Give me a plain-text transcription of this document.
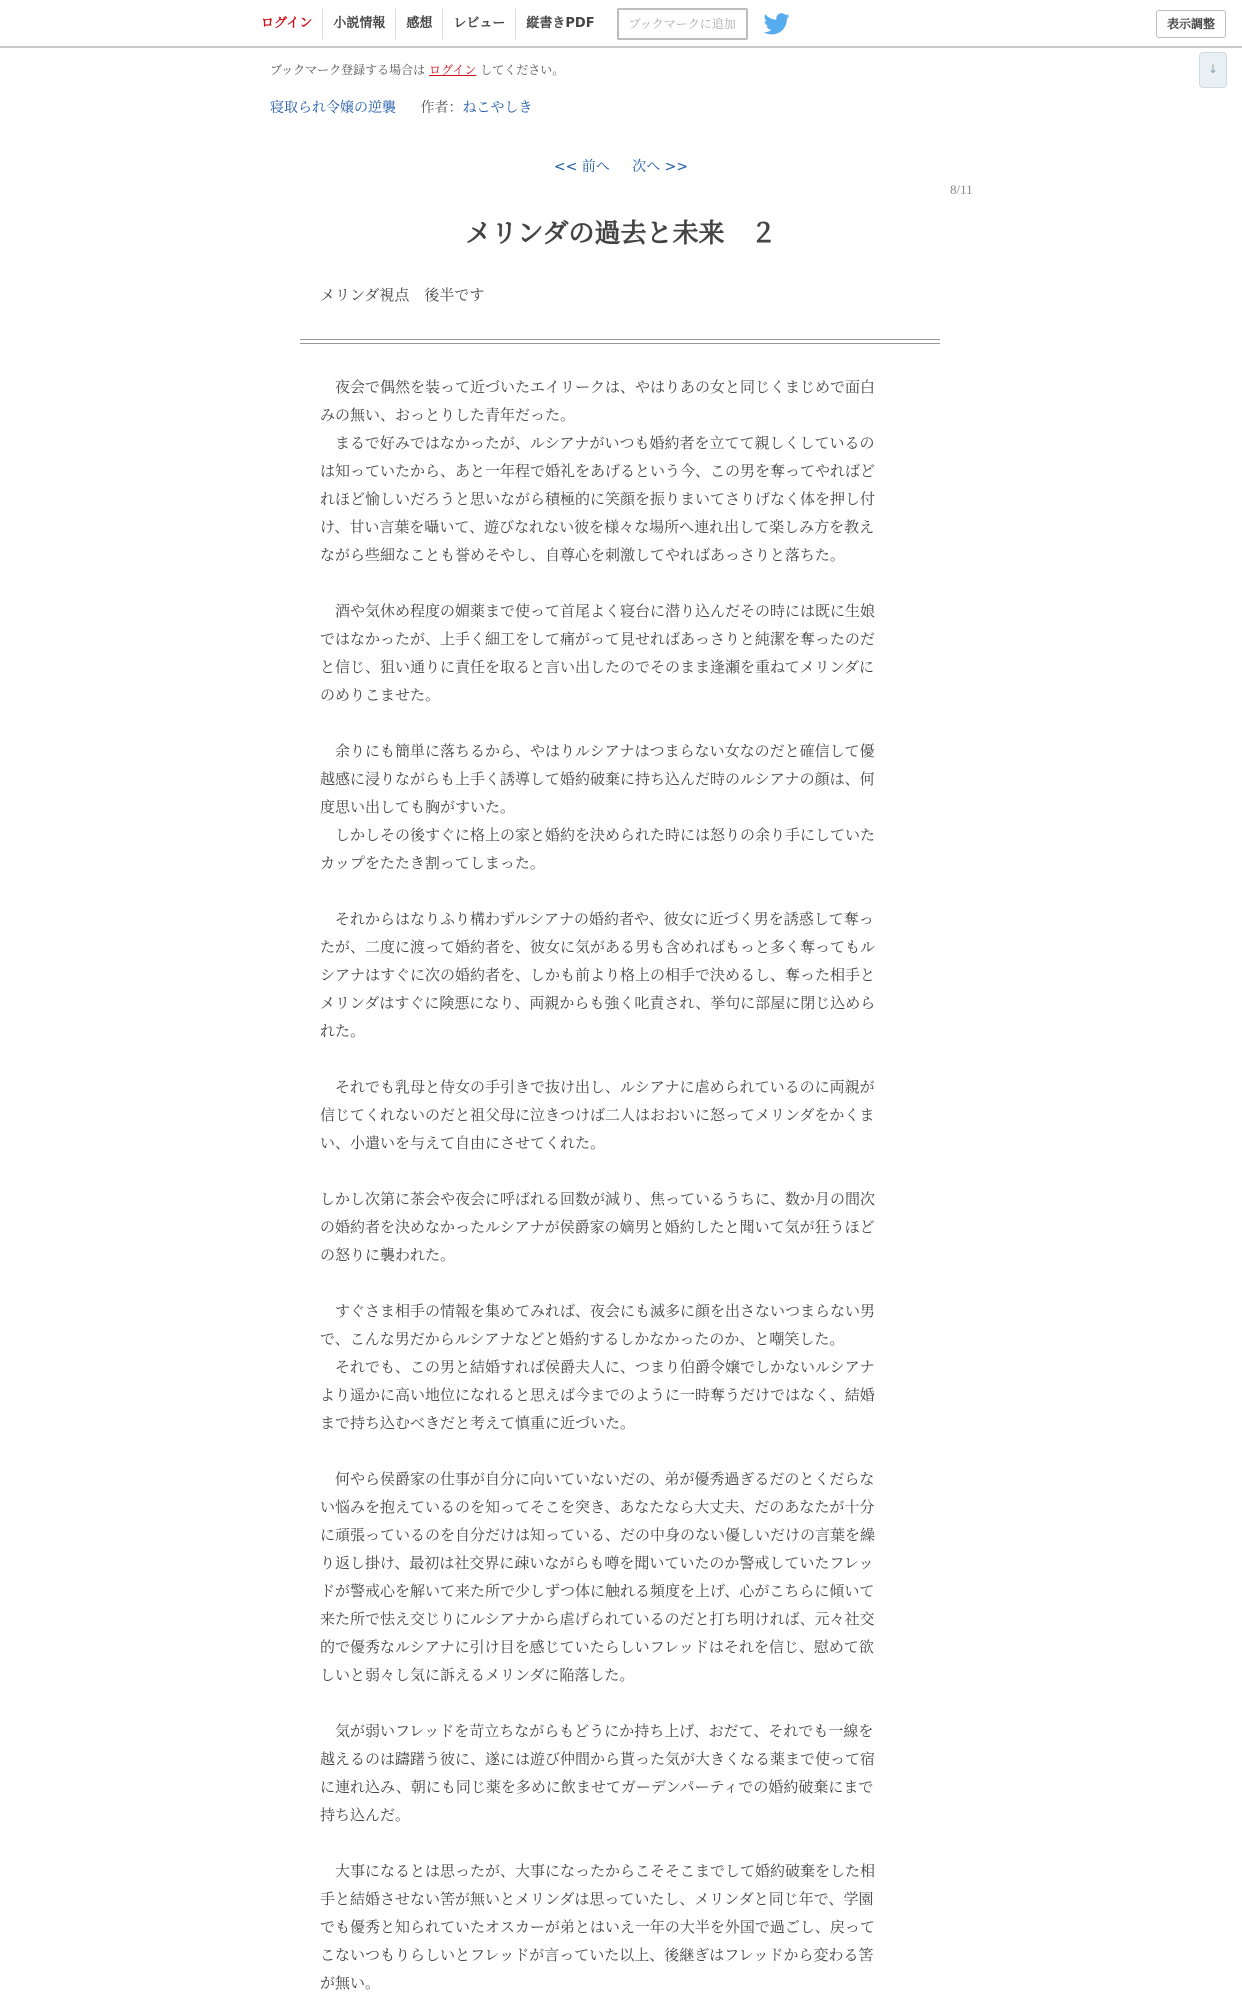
ログイン	小説情報	感想	レビュー	縦書きPDF	ブックマークに追加	表示調整
↓
ブックマーク登録する場合は ログイン してください。
寝取られ令嬢の逆襲 作者：ねこやしき
<< 前へ 次へ >>
8/11
メリンダの過去と未来　２
メリンダ視点　後半です
　夜会で偶然を装って近づいたエイリークは、やはりあの女と同じくまじめで面白
みの無い、おっとりした青年だった。
　まるで好みではなかったが、ルシアナがいつも婚約者を立てて親しくしているの
は知っていたから、あと一年程で婚礼をあげるという今、この男を奪ってやればど
れほど愉しいだろうと思いながら積極的に笑顔を振りまいてさりげなく体を押し付
け、甘い言葉を囁いて、遊びなれない彼を様々な場所へ連れ出して楽しみ方を教え
ながら些細なことも誉めそやし、自尊心を刺激してやればあっさりと落ちた。
　酒や気休め程度の媚薬まで使って首尾よく寝台に潜り込んだその時には既に生娘
ではなかったが、上手く細工をして痛がって見せればあっさりと純潔を奪ったのだ
と信じ、狙い通りに責任を取ると言い出したのでそのまま逢瀬を重ねてメリンダに
のめりこませた。
　余りにも簡単に落ちるから、やはりルシアナはつまらない女なのだと確信して優
越感に浸りながらも上手く誘導して婚約破棄に持ち込んだ時のルシアナの顔は、何
度思い出しても胸がすいた。
　しかしその後すぐに格上の家と婚約を決められた時には怒りの余り手にしていた
カップをたたき割ってしまった。
　それからはなりふり構わずルシアナの婚約者や、彼女に近づく男を誘惑して奪っ
たが、二度に渡って婚約者を、彼女に気がある男も含めればもっと多く奪ってもル
シアナはすぐに次の婚約者を、しかも前より格上の相手で決めるし、奪った相手と
メリンダはすぐに険悪になり、両親からも強く叱責され、挙句に部屋に閉じ込めら
れた。
　それでも乳母と侍女の手引きで抜け出し、ルシアナに虐められているのに両親が
信じてくれないのだと祖父母に泣きつけば二人はおおいに怒ってメリンダをかくま
い、小遣いを与えて自由にさせてくれた。
しかし次第に茶会や夜会に呼ばれる回数が減り、焦っているうちに、数か月の間次
の婚約者を決めなかったルシアナが侯爵家の嫡男と婚約したと聞いて気が狂うほど
の怒りに襲われた。
　すぐさま相手の情報を集めてみれば、夜会にも滅多に顔を出さないつまらない男
で、こんな男だからルシアナなどと婚約するしかなかったのか、と嘲笑した。
　それでも、この男と結婚すれば侯爵夫人に、つまり伯爵令嬢でしかないルシアナ
より遥かに高い地位になれると思えば今までのように一時奪うだけではなく、結婚
まで持ち込むべきだと考えて慎重に近づいた。
　何やら侯爵家の仕事が自分に向いていないだの、弟が優秀過ぎるだのとくだらな
い悩みを抱えているのを知ってそこを突き、あなたなら大丈夫、だのあなたが十分
に頑張っているのを自分だけは知っている、だの中身のない優しいだけの言葉を繰
り返し掛け、最初は社交界に疎いながらも噂を聞いていたのか警戒していたフレッ
ドが警戒心を解いて来た所で少しずつ体に触れる頻度を上げ、心がこちらに傾いて
来た所で怯え交じりにルシアナから虐げられているのだと打ち明ければ、元々社交
的で優秀なルシアナに引け目を感じていたらしいフレッドはそれを信じ、慰めて欲
しいと弱々し気に訴えるメリンダに陥落した。
　気が弱いフレッドを苛立ちながらもどうにか持ち上げ、おだて、それでも一線を
越えるのは躊躇う彼に、遂には遊び仲間から貰った気が大きくなる薬まで使って宿
に連れ込み、朝にも同じ薬を多めに飲ませてガーデンパーティでの婚約破棄にまで
持ち込んだ。
　大事になるとは思ったが、大事になったからこそそこまでして婚約破棄をした相
手と結婚させない筈が無いとメリンダは思っていたし、メリンダと同じ年で、学園
でも優秀と知られていたオスカーが弟とはいえ一年の大半を外国で過ごし、戻って
こないつもりらしいとフレッドが言っていた以上、後継ぎはフレッドから変わる筈
が無い。
